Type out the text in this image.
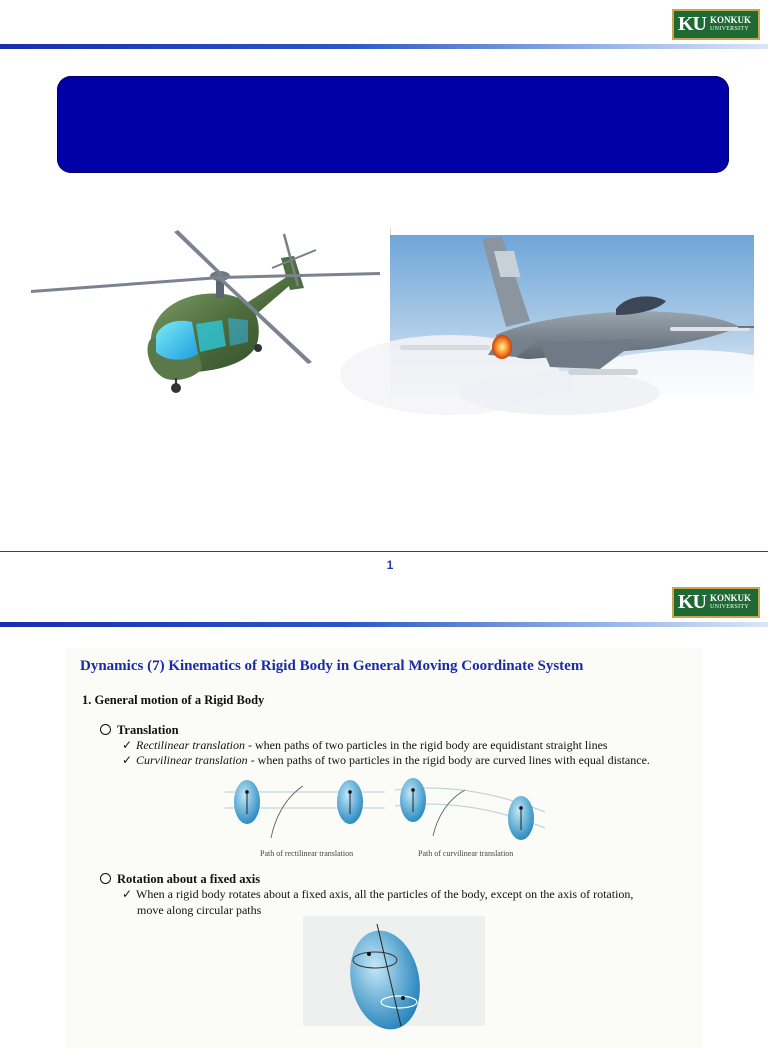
KU KONKUK
UNIVERSITY
1
KU KONKUK
UNIVERSITY
Dynamics (7) Kinematics of Rigid Body in General Moving Coordinate System
1. General motion of a Rigid Body
Translation
✓ Rectilinear translation - when paths of two particles in the rigid body are equidistant straight lines
✓ Curvilinear translation - when paths of two particles in the rigid body are curved lines with equal distance.
Path of rectilinear translation	Path of curvilinear translation
Rotation about a fixed axis
✓ When a rigid body rotates about a fixed axis, all the particles of the body, except on the axis of rotation,
move along circular paths
